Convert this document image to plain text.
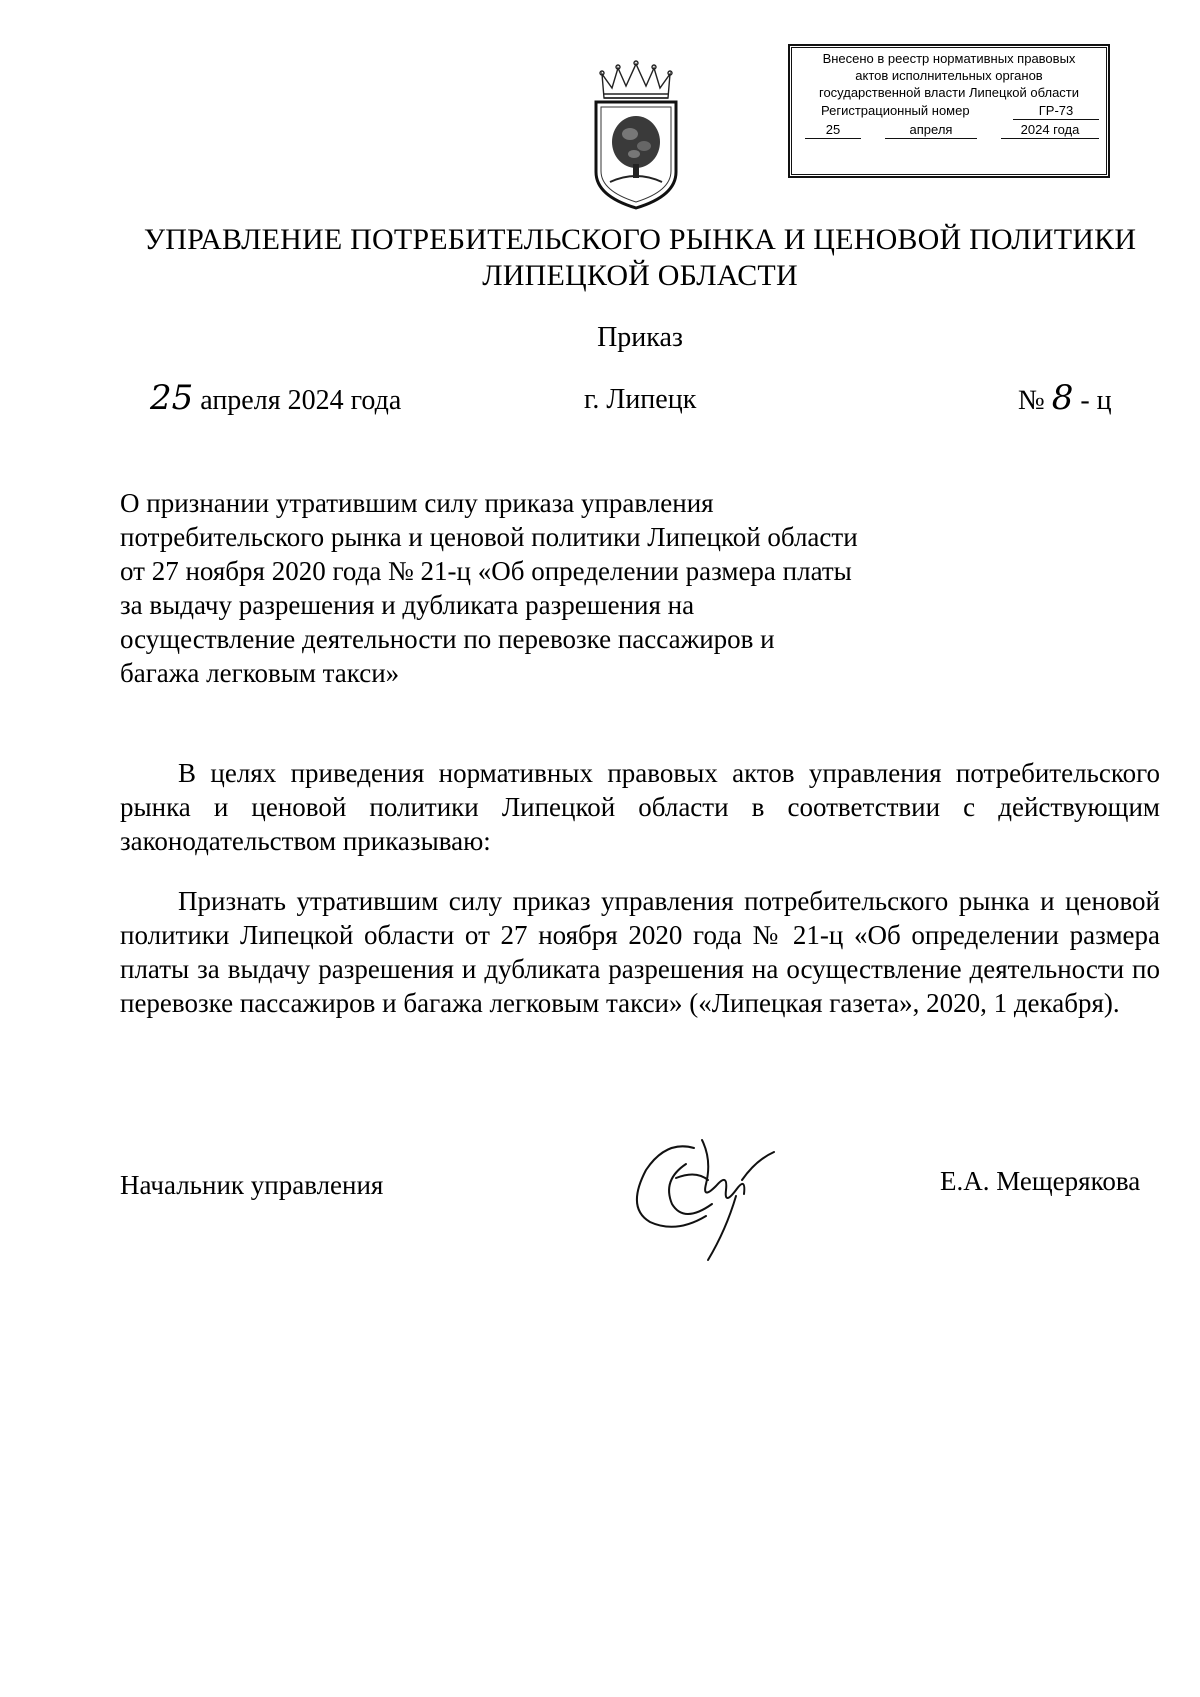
Внесено в реестр нормативных правовых
актов исполнительных органов
государственной власти Липецкой области
Регистрационный номер	ГР-73
25	апреля	2024 года
УПРАВЛЕНИЕ ПОТРЕБИТЕЛЬСКОГО РЫНКА И ЦЕНОВОЙ ПОЛИТИКИ
ЛИПЕЦКОЙ ОБЛАСТИ
Приказ
25 апреля 2024 года	г. Липецк	№ 8 - ц
О признании утратившим силу приказа управления потребительского рынка и ценовой политики Липецкой области от 27 ноября 2020 года № 21-ц «Об определении размера платы за выдачу разрешения и дубликата разрешения на осуществление деятельности по перевозке пассажиров и багажа легковым такси»
В целях приведения нормативных правовых актов управления потребительского рынка и ценовой политики Липецкой области в соответствии с действующим законодательством приказываю:
Признать утратившим силу приказ управления потребительского рынка и ценовой политики Липецкой области от 27 ноября 2020 года № 21-ц «Об определении размера платы за выдачу разрешения и дубликата разрешения на осуществление деятельности по перевозке пассажиров и багажа легковым такси» («Липецкая газета», 2020, 1 декабря).
Начальник управления	Е.А. Мещерякова
